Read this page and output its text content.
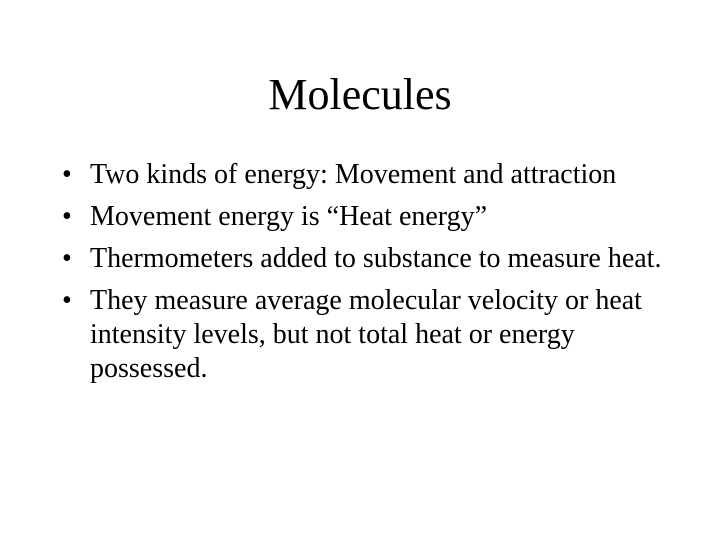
Molecules
• Two kinds of energy: Movement and attraction
• Movement energy is “Heat energy”
• Thermometers added to substance to measure heat.
• They measure average molecular velocity or heat intensity levels, but not total heat or energy possessed.
